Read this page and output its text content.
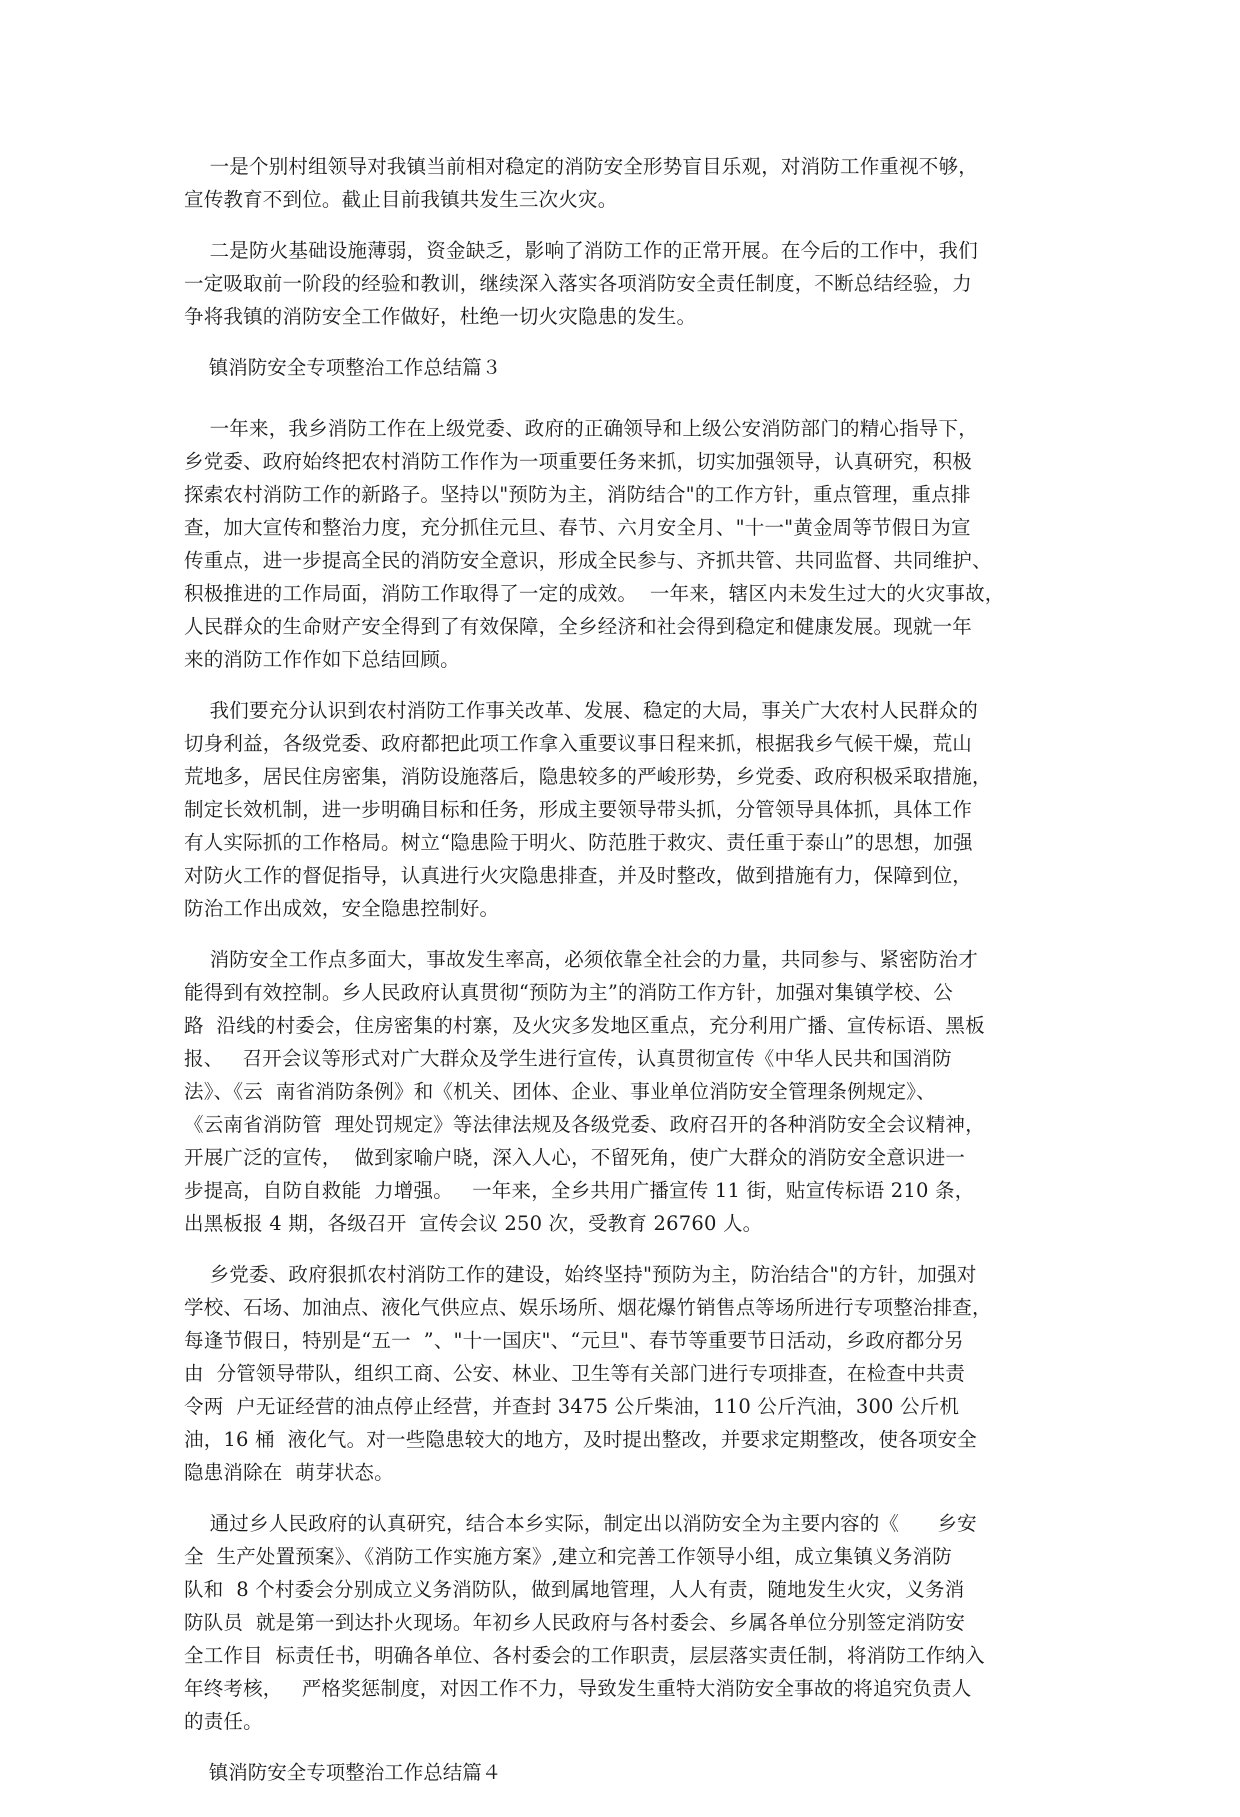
一是个别村组领导对我镇当前相对稳定的消防安全形势盲目乐观，对消防工作重视不够，
宣传教育不到位。截止目前我镇共发生三次火灾。
二是防火基础设施薄弱，资金缺乏，影响了消防工作的正常开展。在今后的工作中，我们
一定吸取前一阶段的经验和教训，继续深入落实各项消防安全责任制度，不断总结经验，力
争将我镇的消防安全工作做好，杜绝一切火灾隐患的发生。
镇消防安全专项整治工作总结篇３
一年来，我乡消防工作在上级党委、政府的正确领导和上级公安消防部门的精心指导下，
乡党委、政府始终把农村消防工作作为一项重要任务来抓，切实加强领导，认真研究，积极
探索农村消防工作的新路子。坚持以"预防为主，消防结合"的工作方针，重点管理，重点排
查，加大宣传和整治力度，充分抓住元旦、春节、六月安全月、"十一"黄金周等节假日为宣
传重点，进一步提高全民的消防安全意识，形成全民参与、齐抓共管、共同监督、共同维护、
积极推进的工作局面，消防工作取得了一定的成效。  一年来，辖区内未发生过大的火灾事故，
人民群众的生命财产安全得到了有效保障，全乡经济和社会得到稳定和健康发展。现就一年
来的消防工作作如下总结回顾。
我们要充分认识到农村消防工作事关改革、发展、稳定的大局，事关广大农村人民群众的
切身利益，各级党委、政府都把此项工作拿入重要议事日程来抓，根据我乡气候干燥，荒山
荒地多，居民住房密集，消防设施落后，隐患较多的严峻形势，乡党委、政府积极采取措施，
制定长效机制，进一步明确目标和任务，形成主要领导带头抓，分管领导具体抓，具体工作
有人实际抓的工作格局。树立“隐患险于明火、防范胜于救灾、责任重于泰山”的思想，加强
对防火工作的督促指导，认真进行火灾隐患排查，并及时整改，做到措施有力，保障到位，
防治工作出成效，安全隐患控制好。
消防安全工作点多面大，事故发生率高，必须依靠全社会的力量，共同参与、紧密防治才
能得到有效控制。乡人民政府认真贯彻“预防为主”的消防工作方针，加强对集镇学校、公
路  沿线的村委会，住房密集的村寨，及火灾多发地区重点，充分利用广播、宣传标语、黑板
报、   召开会议等形式对广大群众及学生进行宣传，认真贯彻宣传《中华人民共和国消防
法》、《云  南省消防条例》和《机关、团体、企业、事业单位消防安全管理条例规定》、
《云南省消防管  理处罚规定》等法律法规及各级党委、政府召开的各种消防安全会议精神，
开展广泛的宣传，  做到家喻户晓，深入人心，不留死角，使广大群众的消防安全意识进一
步提高，自防自救能  力增强。   一年来，全乡共用广播宣传 11 街，贴宣传标语 210 条，
出黑板报 4 期，各级召开  宣传会议 250 次，受教育 26760 人。
乡党委、政府狠抓农村消防工作的建设，始终坚持"预防为主，防治结合"的方针，加强对
学校、石场、加油点、液化气供应点、娱乐场所、烟花爆竹销售点等场所进行专项整治排查，
每逢节假日，特别是“五一  ”、"十一国庆"、“元旦"、春节等重要节日活动，乡政府都分另
由  分管领导带队，组织工商、公安、林业、卫生等有关部门进行专项排查，在检查中共责
令两  户无证经营的油点停止经营，并查封 3475 公斤柴油，110 公斤汽油，300 公斤机
油，16 桶  液化气。对一些隐患较大的地方，及时提出整改，并要求定期整改，使各项安全
隐患消除在  萌芽状态。
通过乡人民政府的认真研究，结合本乡实际，制定出以消防安全为主要内容的《      乡安
全  生产处置预案》、《消防工作实施方案》,建立和完善工作领导小组，成立集镇义务消防
队和  8 个村委会分别成立义务消防队，做到属地管理，人人有责，随地发生火灾，义务消
防队员  就是第一到达扑火现场。年初乡人民政府与各村委会、乡属各单位分别签定消防安
全工作目  标责任书，明确各单位、各村委会的工作职责，层层落实责任制，将消防工作纳入
年终考核，   严格奖惩制度，对因工作不力，导致发生重特大消防安全事故的将追究负责人
的责任。
镇消防安全专项整治工作总结篇４
